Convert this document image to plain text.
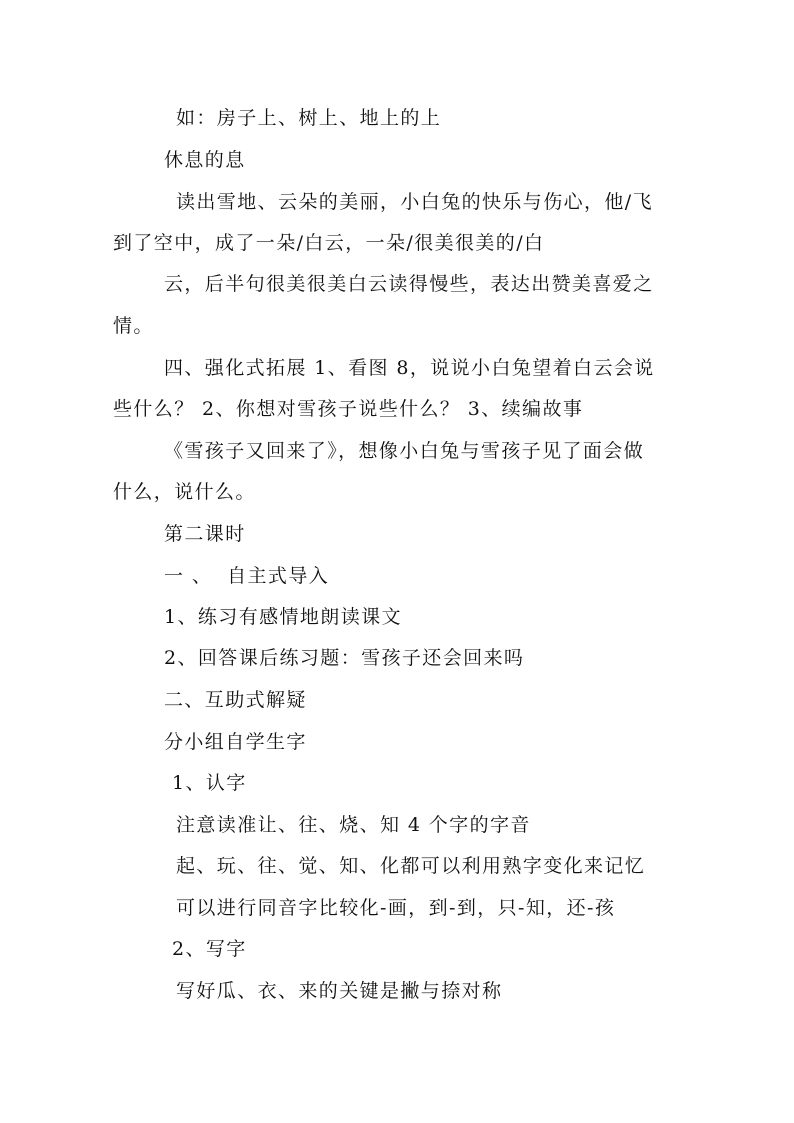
如：房子上、树上、地上的上
休息的息
读出雪地、云朵的美丽，小白兔的快乐与伤心，他/飞
到了空中，成了一朵/白云，一朵/很美很美的/白
云，后半句很美很美白云读得慢些，表达出赞美喜爱之
情。
四、强化式拓展 1、看图 8，说说小白兔望着白云会说
些什么？ 2、你想对雪孩子说些什么？ 3、续编故事
《雪孩子又回来了》，想像小白兔与雪孩子见了面会做
什么，说什么。
第二课时
一 、  自主式导入
1、练习有感情地朗读课文
2、回答课后练习题：雪孩子还会回来吗
二、互助式解疑
分小组自学生字
1、认字
注意读准让、往、烧、知 4 个字的字音
起、玩、往、觉、知、化都可以利用熟字变化来记忆
可以进行同音字比较化-画，到-到，只-知，还-孩
2、写字
写好瓜、衣、来的关键是撇与捺对称
